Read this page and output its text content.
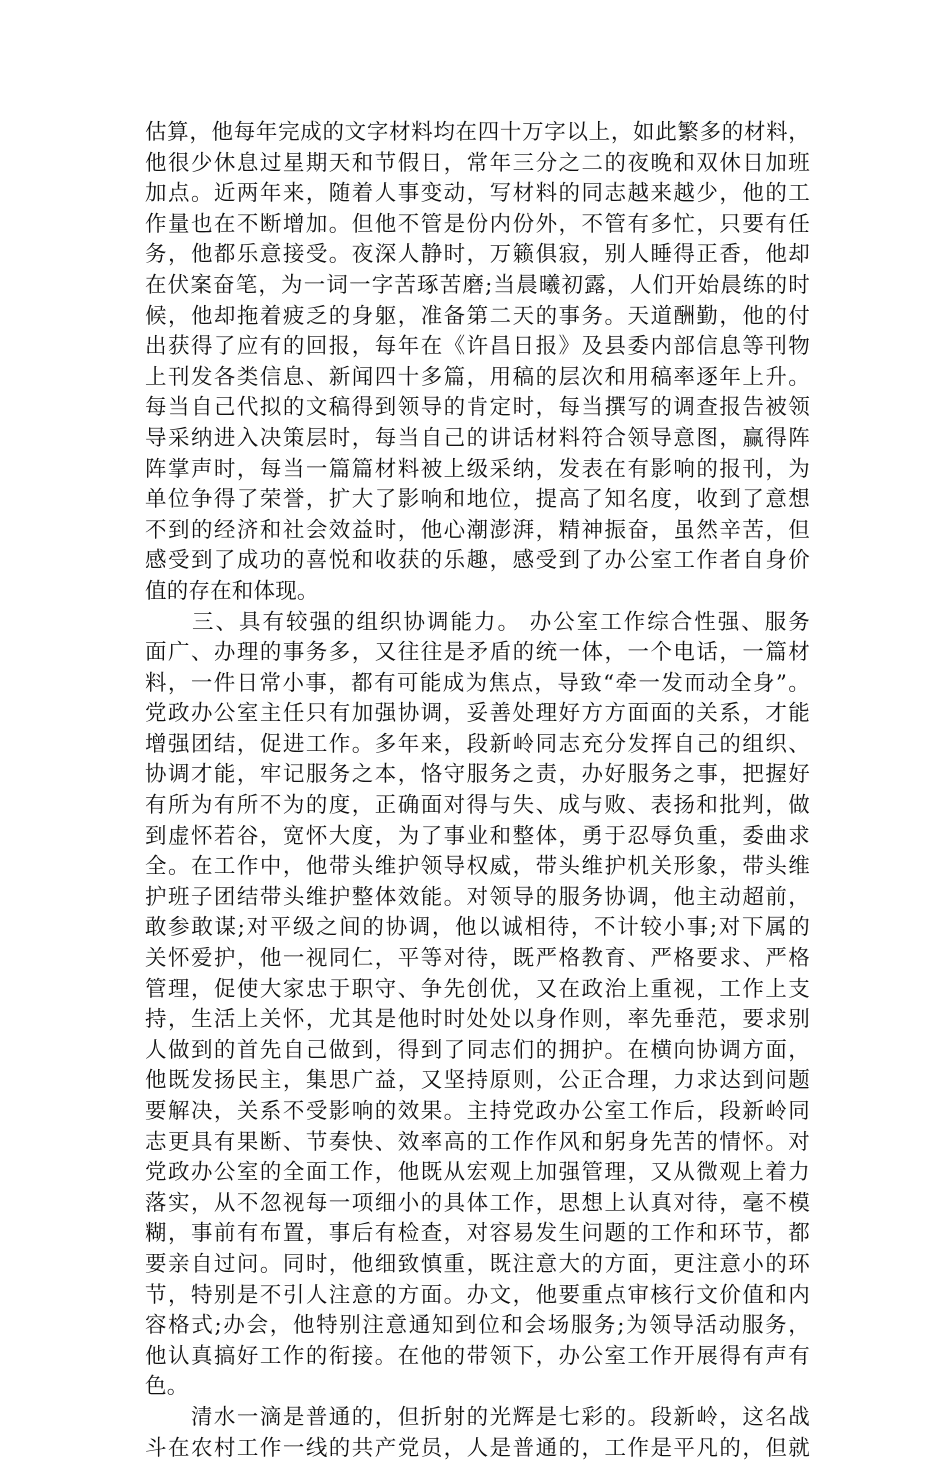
估算，他每年完成的文字材料均在四十万字以上，如此繁多的材料，
他很少休息过星期天和节假日，常年三分之二的夜晚和双休日加班
加点。近两年来，随着人事变动，写材料的同志越来越少，他的工
作量也在不断增加。但他不管是份内份外，不管有多忙，只要有任
务，他都乐意接受。夜深人静时，万籁俱寂，别人睡得正香，他却
在伏案奋笔，为一词一字苦琢苦磨;当晨曦初露，人们开始晨练的时
候，他却拖着疲乏的身躯，准备第二天的事务。天道酬勤，他的付
出获得了应有的回报，每年在《许昌日报》及县委内部信息等刊物
上刊发各类信息、新闻四十多篇，用稿的层次和用稿率逐年上升。
每当自己代拟的文稿得到领导的肯定时，每当撰写的调查报告被领
导采纳进入决策层时，每当自己的讲话材料符合领导意图，赢得阵
阵掌声时，每当一篇篇材料被上级采纳，发表在有影响的报刊，为
单位争得了荣誉，扩大了影响和地位，提高了知名度，收到了意想
不到的经济和社会效益时，他心潮澎湃，精神振奋，虽然辛苦，但
感受到了成功的喜悦和收获的乐趣，感受到了办公室工作者自身价
值的存在和体现。
　　三、具有较强的组织协调能力。 办公室工作综合性强、服务
面广、办理的事务多，又往往是矛盾的统一体，一个电话，一篇材
料，一件日常小事，都有可能成为焦点，导致“牵一发而动全身”。
党政办公室主任只有加强协调，妥善处理好方方面面的关系，才能
增强团结，促进工作。多年来，段新岭同志充分发挥自己的组织、
协调才能，牢记服务之本，恪守服务之责，办好服务之事，把握好
有所为有所不为的度，正确面对得与失、成与败、表扬和批判，做
到虚怀若谷，宽怀大度，为了事业和整体，勇于忍辱负重，委曲求
全。在工作中，他带头维护领导权威，带头维护机关形象，带头维
护班子团结带头维护整体效能。对领导的服务协调，他主动超前，
敢参敢谋;对平级之间的协调，他以诚相待，不计较小事;对下属的
关怀爱护，他一视同仁，平等对待，既严格教育、严格要求、严格
管理，促使大家忠于职守、争先创优，又在政治上重视，工作上支
持，生活上关怀，尤其是他时时处处以身作则，率先垂范，要求别
人做到的首先自己做到，得到了同志们的拥护。在横向协调方面，
他既发扬民主，集思广益，又坚持原则，公正合理，力求达到问题
要解决，关系不受影响的效果。主持党政办公室工作后，段新岭同
志更具有果断、节奏快、效率高的工作作风和躬身先苦的情怀。对
党政办公室的全面工作，他既从宏观上加强管理，又从微观上着力
落实，从不忽视每一项细小的具体工作，思想上认真对待，毫不模
糊，事前有布置，事后有检查，对容易发生问题的工作和环节，都
要亲自过问。同时，他细致慎重，既注意大的方面，更注意小的环
节，特别是不引人注意的方面。办文，他要重点审核行文价值和内
容格式;办会，他特别注意通知到位和会场服务;为领导活动服务，
他认真搞好工作的衔接。在他的带领下，办公室工作开展得有声有
色。
　　清水一滴是普通的，但折射的光辉是七彩的。段新岭，这名战
斗在农村工作一线的共产党员，人是普通的，工作是平凡的，但就
